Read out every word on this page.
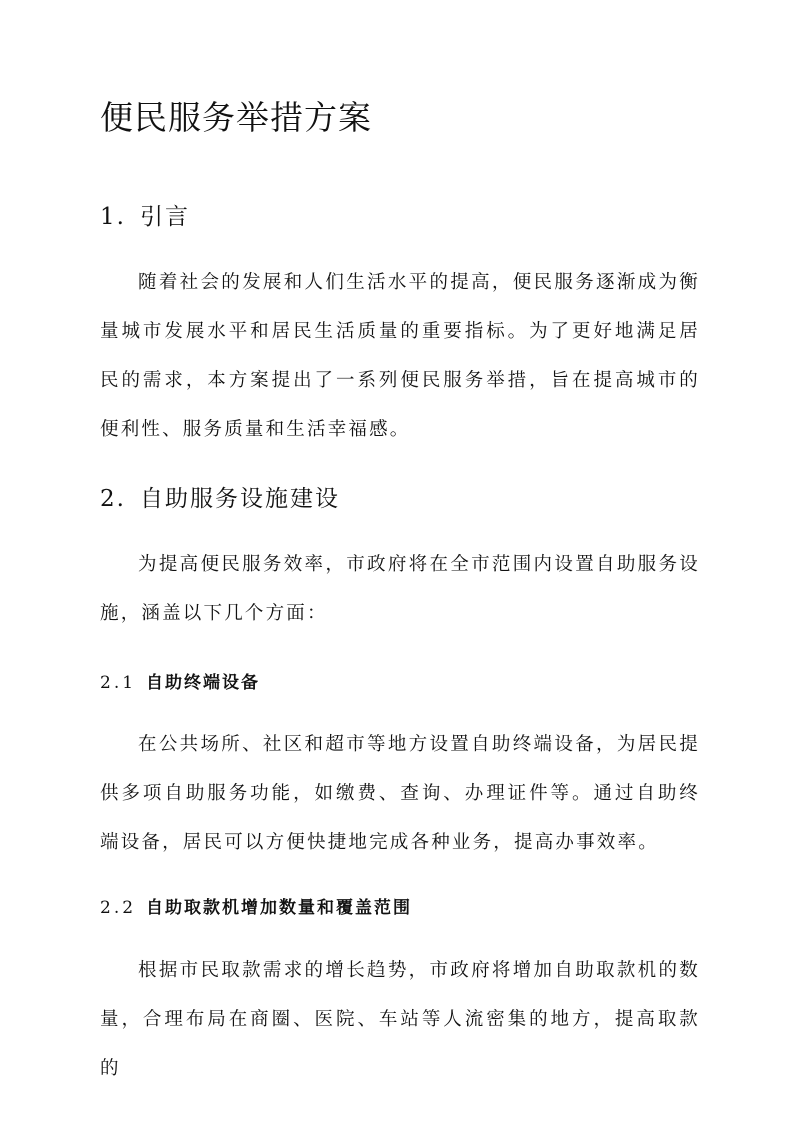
便民服务举措方案
1. 引言

随着社会的发展和人们生活水平的提高，便民服务逐渐成为衡量城市发展水平和居民生活质量的重要指标。为了更好地满足居民的需求，本方案提出了一系列便民服务举措，旨在提高城市的便利性、服务质量和生活幸福感。

2. 自助服务设施建设

为提高便民服务效率，市政府将在全市范围内设置自助服务设施，涵盖以下几个方面：

2.1 自助终端设备

在公共场所、社区和超市等地方设置自助终端设备，为居民提供多项自助服务功能，如缴费、查询、办理证件等。通过自助终端设备，居民可以方便快捷地完成各种业务，提高办事效率。

2.2 自助取款机增加数量和覆盖范围

根据市民取款需求的增长趋势，市政府将增加自助取款机的数量，合理布局在商圈、医院、车站等人流密集的地方，提高取款的
